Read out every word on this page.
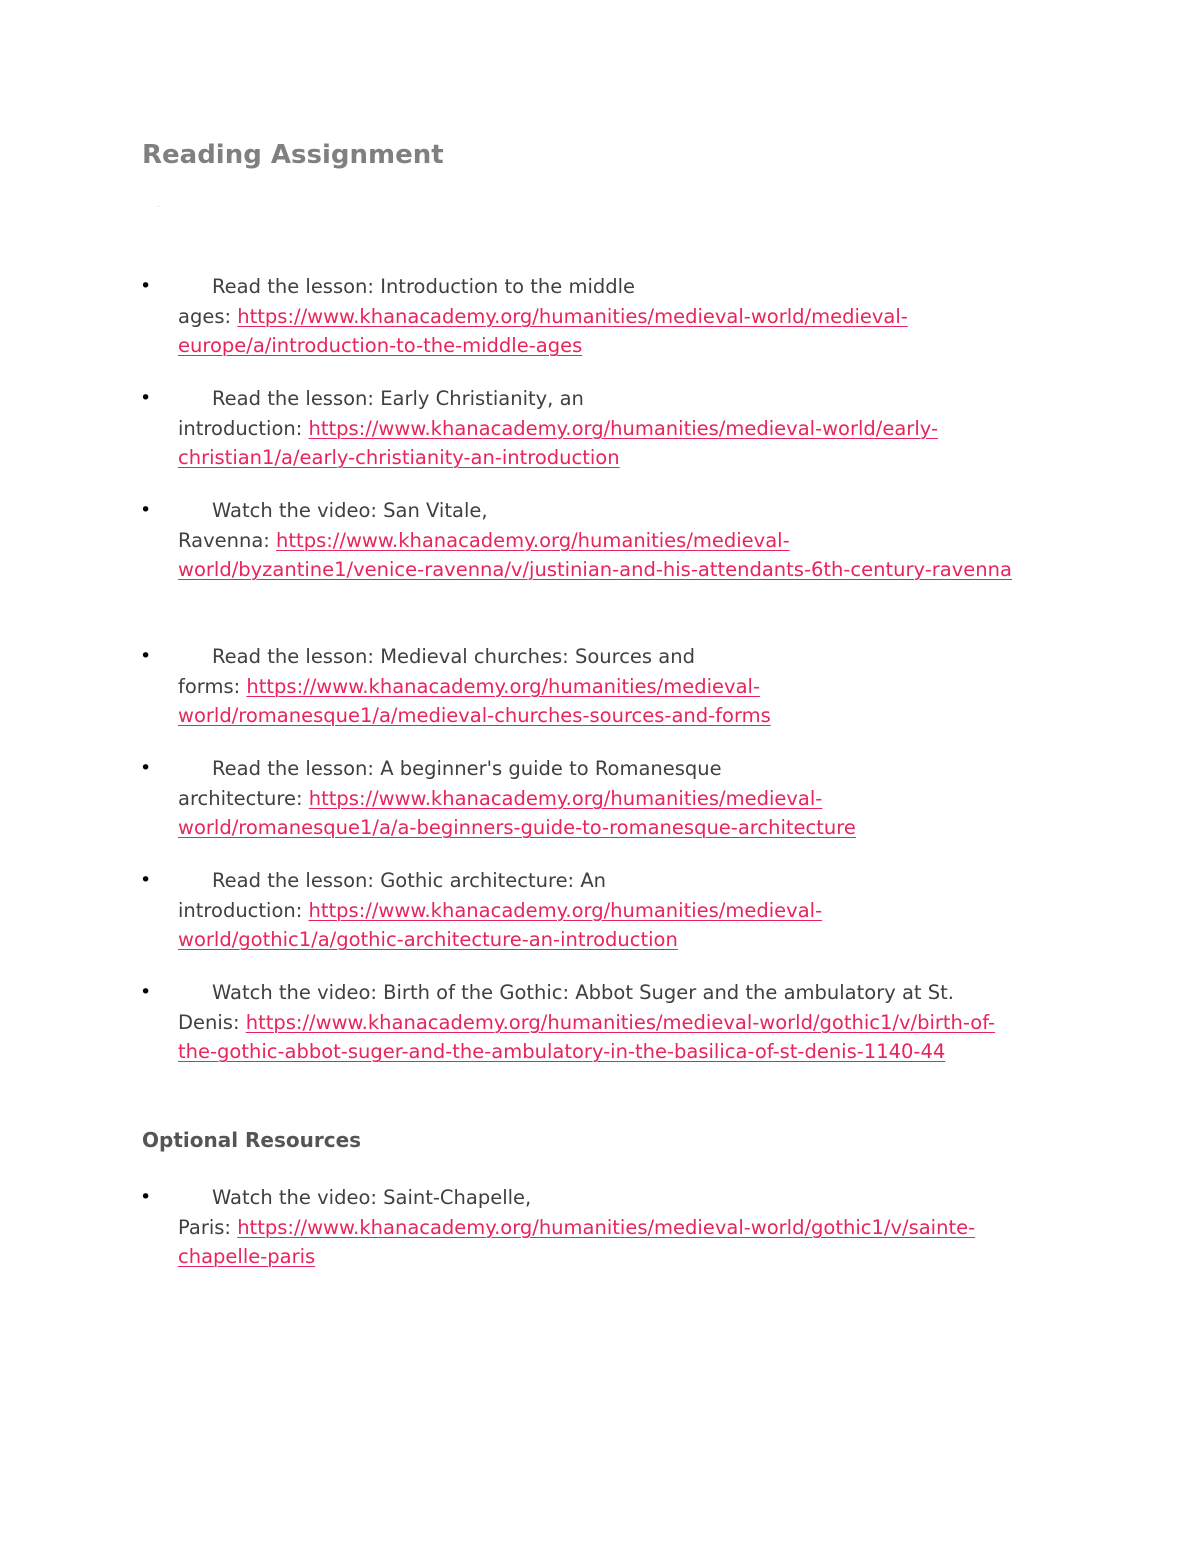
Reading Assignment
•	Read the lesson: Introduction to the middle
ages: https://www.khanacademy.org/humanities/medieval-world/medieval-
europe/a/introduction-to-the-middle-ages
•	Read the lesson: Early Christianity, an
introduction: https://www.khanacademy.org/humanities/medieval-world/early-
christian1/a/early-christianity-an-introduction
•	Watch the video: San Vitale,
Ravenna: https://www.khanacademy.org/humanities/medieval-
world/byzantine1/venice-ravenna/v/justinian-and-his-attendants-6th-century-ravenna
•	Read the lesson: Medieval churches: Sources and
forms: https://www.khanacademy.org/humanities/medieval-
world/romanesque1/a/medieval-churches-sources-and-forms
•	Read the lesson: A beginner's guide to Romanesque
architecture: https://www.khanacademy.org/humanities/medieval-
world/romanesque1/a/a-beginners-guide-to-romanesque-architecture
•	Read the lesson: Gothic architecture: An
introduction: https://www.khanacademy.org/humanities/medieval-
world/gothic1/a/gothic-architecture-an-introduction
•	Watch the video: Birth of the Gothic: Abbot Suger and the ambulatory at St.
Denis: https://www.khanacademy.org/humanities/medieval-world/gothic1/v/birth-of-
the-gothic-abbot-suger-and-the-ambulatory-in-the-basilica-of-st-denis-1140-44
Optional Resources
•	Watch the video: Saint-Chapelle,
Paris: https://www.khanacademy.org/humanities/medieval-world/gothic1/v/sainte-
chapelle-paris
